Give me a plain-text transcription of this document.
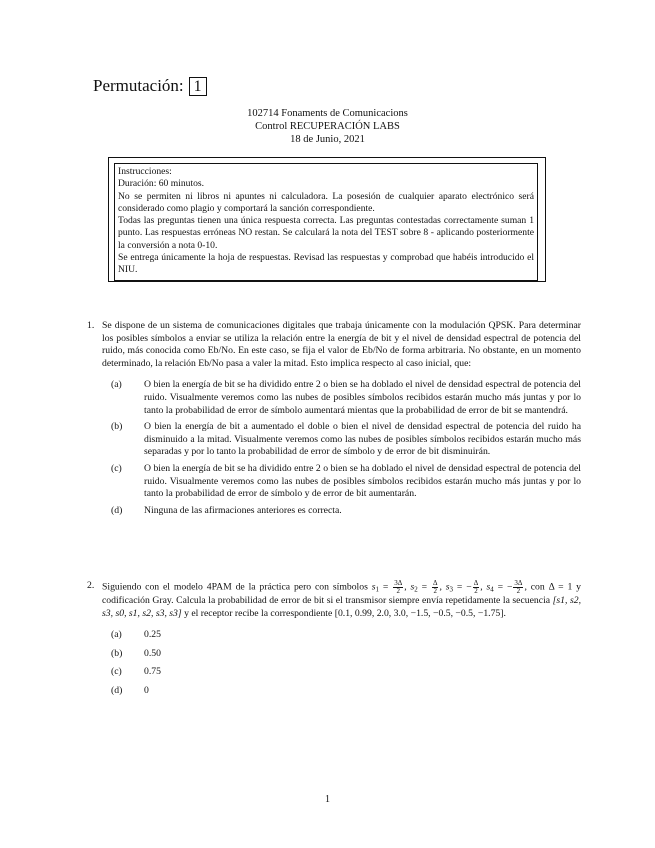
Permutación: 1
102714 Fonaments de Comunicacions
Control RECUPERACIÓN LABS
18 de Junio, 2021
Instrucciones:
Duración: 60 minutos.
No se permiten ni libros ni apuntes ni calculadora. La posesión de cualquier aparato electrónico será considerado como plagio y comportará la sanción correspondiente.
Todas las preguntas tienen una única respuesta correcta. Las preguntas contestadas correctamente suman 1 punto. Las respuestas erróneas NO restan. Se calculará la nota del TEST sobre 8 - aplicando posteriormente la conversión a nota 0-10.
Se entrega únicamente la hoja de respuestas. Revisad las respuestas y comprobad que habéis introducido el NIU.
1. Se dispone de un sistema de comunicaciones digitales que trabaja únicamente con la modulación QPSK. Para determinar los posibles símbolos a enviar se utiliza la relación entre la energía de bit y el nivel de densidad espectral de potencia del ruido, más conocida como Eb/No. En este caso, se fija el valor de Eb/No de forma arbitraria. No obstante, en un momento determinado, la relación Eb/No pasa a valer la mitad. Esto implica respecto al caso inicial, que:
(a) O bien la energía de bit se ha dividido entre 2 o bien se ha doblado el nivel de densidad espectral de potencia del ruido. Visualmente veremos como las nubes de posibles símbolos recibidos estarán mucho más juntas y por lo tanto la probabilidad de error de símbolo aumentará mientas que la probabilidad de error de bit se mantendrá.
(b) O bien la energía de bit a aumentado el doble o bien el nivel de densidad espectral de potencia del ruido ha disminuido a la mitad. Visualmente veremos como las nubes de posibles símbolos recibidos estarán mucho más separadas y por lo tanto la probabilidad de error de símbolo y de error de bit disminuirán.
(c) O bien la energía de bit se ha dividido entre 2 o bien se ha doblado el nivel de densidad espectral de potencia del ruido. Visualmente veremos como las nubes de posibles símbolos recibidos estarán mucho más juntas y por lo tanto la probabilidad de error de símbolo y de error de bit aumentarán.
(d) Ninguna de las afirmaciones anteriores es correcta.
2. Siguiendo con el modelo 4PAM de la práctica pero con símbolos $s_1 = \frac{3\Delta}{2}$ , $s_2 = \frac{\Delta}{2}$ , $s_3$ = − $\frac{\Delta}{2}$ , $s_4$ = − $\frac{3\Delta}{2}$ , con Δ = 1 y codificación Gray. Calcula la probabilidad de error de bit si el transmisor siempre envía repetidamente la secuencia [s1, s2, s3, s0, s1, s2, s3, s3] y el receptor recibe la correspondiente [0.1, 0.99, 2.0, 3.0, −1.5, −0.5, −0.5, −1.75].
(a) 0.25
(b) 0.50
(c) 0.75
(d) 0
1
